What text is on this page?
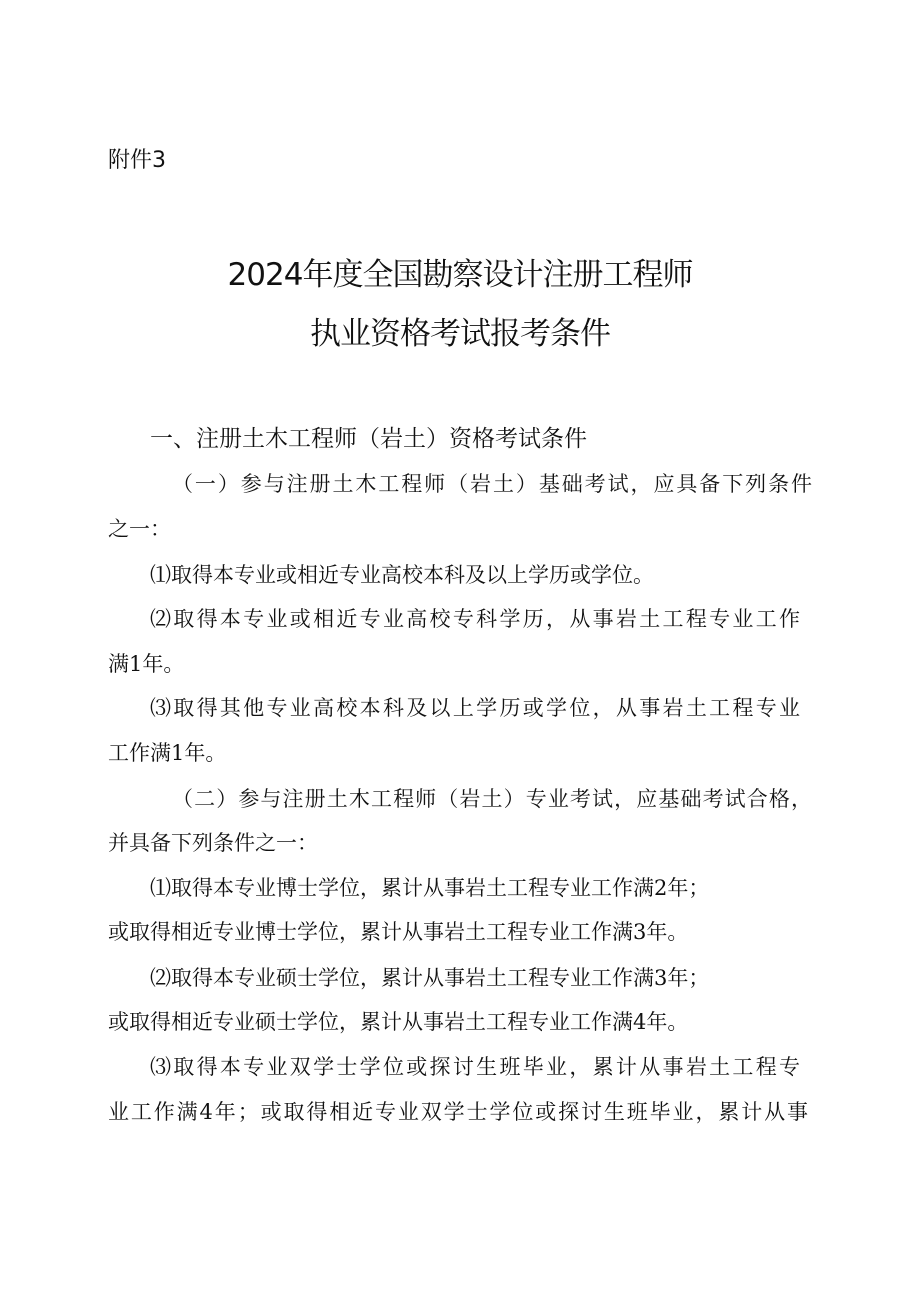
附件3

2024年度全国勘察设计注册工程师
执业资格考试报考条件
一、注册土木工程师（岩土）资格考试条件

（一）参与注册土木工程师（岩土）基础考试，应具备下列条件

之一：

⑴取得本专业或相近专业高校本科及以上学历或学位。

⑵取得本专业或相近专业高校专科学历，从事岩土工程专业工作

满1年。

⑶取得其他专业高校本科及以上学历或学位，从事岩土工程专业

工作满1年。

（二）参与注册土木工程师（岩土）专业考试，应基础考试合格，

并具备下列条件之一：

⑴取得本专业博士学位，累计从事岩土工程专业工作满2年；

或取得相近专业博士学位，累计从事岩土工程专业工作满3年。

⑵取得本专业硕士学位，累计从事岩土工程专业工作满3年；

或取得相近专业硕士学位，累计从事岩土工程专业工作满4年。

⑶取得本专业双学士学位或探讨生班毕业，累计从事岩土工程专

业工作满4年；或取得相近专业双学士学位或探讨生班毕业，累计从事
